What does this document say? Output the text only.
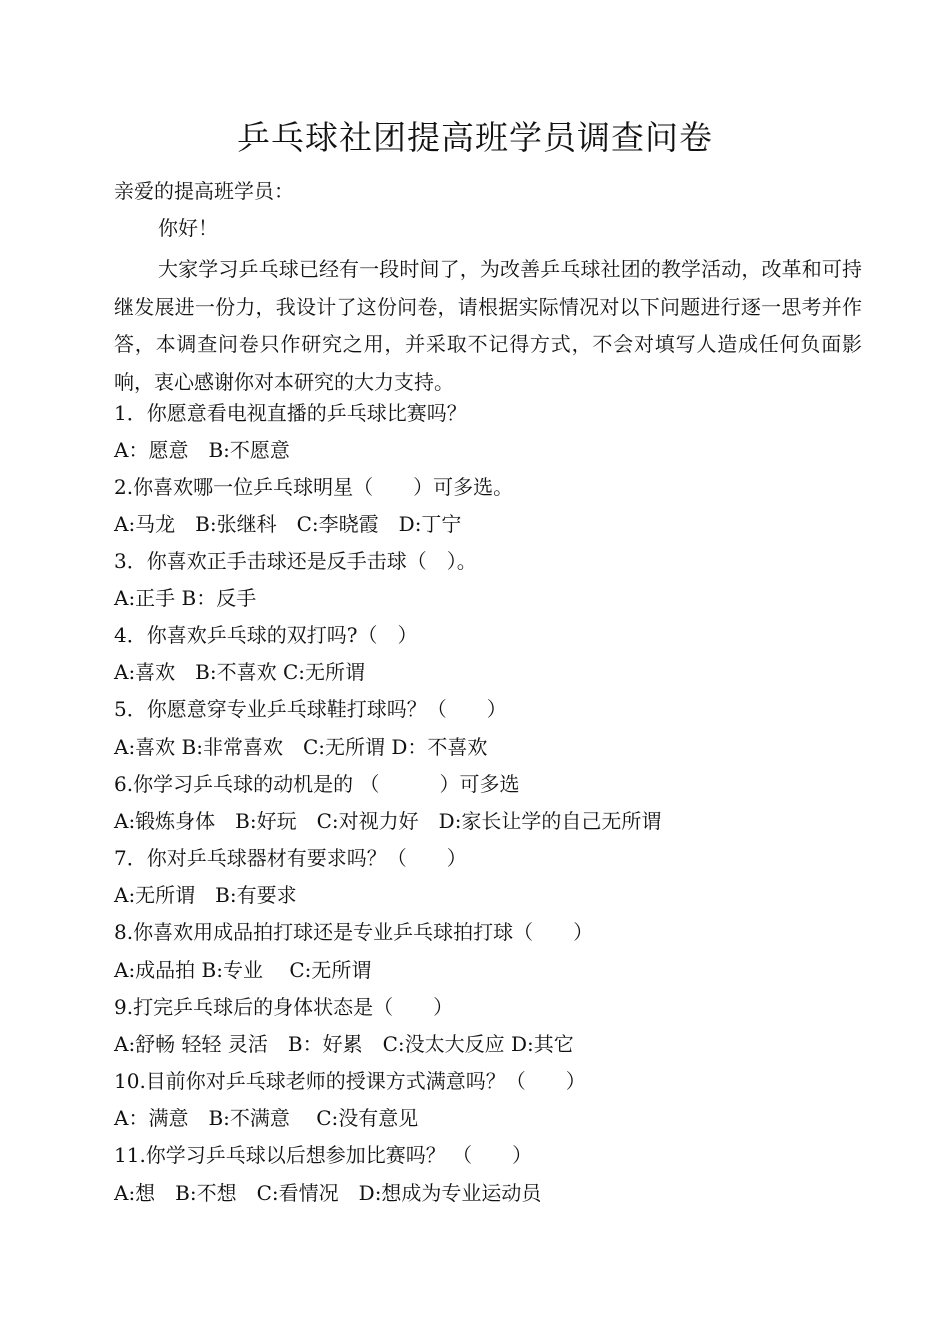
乒乓球社团提高班学员调查问卷
亲爱的提高班学员：
你好！

大家学习乒乓球已经有一段时间了，为改善乒乓球社团的教学活动，改革和可持继发展进一份力，我设计了这份问卷，请根据实际情况对以下问题进行逐一思考并作答，本调查问卷只作研究之用，并采取不记得方式，不会对填写人造成任何负面影响，衷心感谢你对本研究的大力支持。

1．你愿意看电视直播的乒乓球比赛吗？
A：愿意　B:不愿意
2.你喜欢哪一位乒乓球明星（　　）可多选。
A:马龙　B:张继科　C:李晓霞　D:丁宁
3．你喜欢正手击球还是反手击球（　）。
A:正手 B：反手
4．你喜欢乒乓球的双打吗?（　）
A:喜欢　B:不喜欢 C:无所谓
5．你愿意穿专业乒乓球鞋打球吗？（　　）
A:喜欢 B:非常喜欢　C:无所谓 D：不喜欢
6.你学习乒乓球的动机是的 （　　　）可多选
A:锻炼身体　B:好玩　C:对视力好　D:家长让学的自己无所谓
7．你对乒乓球器材有要求吗？（　　）
A:无所谓　B:有要求
8.你喜欢用成品拍打球还是专业乒乓球拍打球（　　）
A:成品拍 B:专业　 C:无所谓
9.打完乒乓球后的身体状态是（　　）
A:舒畅 轻轻 灵活　B：好累　C:没太大反应 D:其它
10.目前你对乒乓球老师的授课方式满意吗？（　　）
A：满意　B:不满意　 C:没有意见
11.你学习乒乓球以后想参加比赛吗？ （　　）
A:想　B:不想　C:看情况　D:想成为专业运动员
